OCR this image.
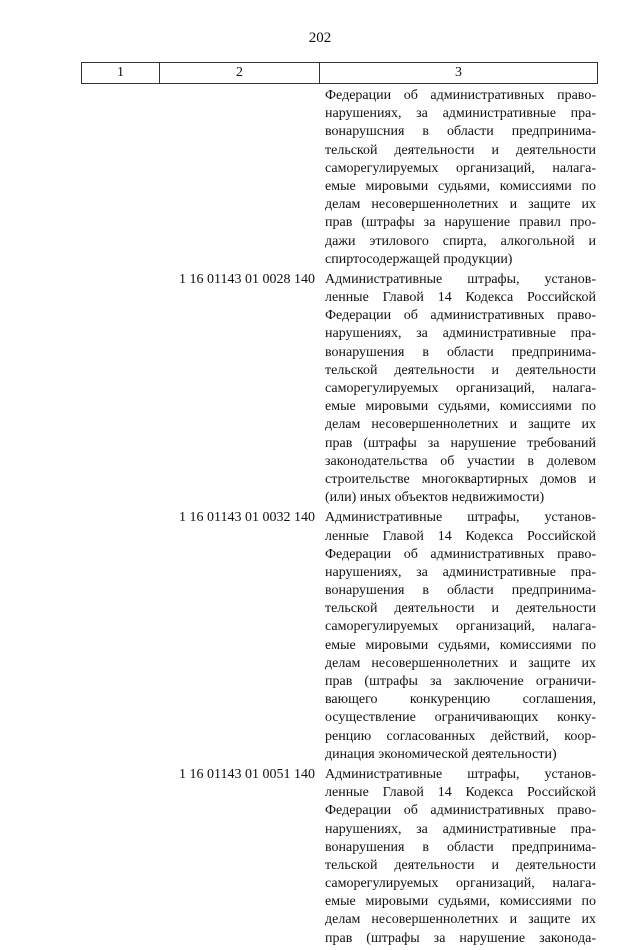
202
1	2	3
Федерации об административных право-
нарушениях, за административные пра-
вонарушсния в области предпринима-
тельской деятельности и деятельности
саморегулируемых организаций, налага-
емые мировыми судьями, комиссиями по
делам несовершеннолетних и защите их
прав (штрафы за нарушение правил про-
дажи этилового спирта, алкогольной и
спиртосодержащей продукции)
1 16 01143 01 0028 140 Административные штрафы, установ-
ленные Главой 14 Кодекса Российской
Федерации об административных право-
нарушениях, за административные пра-
вонарушения в области предпринима-
тельской деятельности и деятельности
саморегулируемых организаций, налага-
емые мировыми судьями, комиссиями по
делам несовершеннолетних и защите их
прав (штрафы за нарушение требований
законодательства об участии в долевом
строительстве многоквартирных домов и
(или) иных объектов недвижимости)
1 16 01143 01 0032 140 Административные штрафы, установ-
ленные Главой 14 Кодекса Российской
Федерации об административных право-
нарушениях, за административные пра-
вонарушения в области предпринима-
тельской деятельности и деятельности
саморегулируемых организаций, налага-
емые мировыми судьями, комиссиями по
делам несовершеннолетних и защите их
прав (штрафы за заключение ограничи-
вающего конкуренцию соглашения,
осуществление ограничивающих конку-
ренцию согласованных действий, коор-
динация экономической деятельности)
1 16 01143 01 0051 140 Административные штрафы, установ-
ленные Главой 14 Кодекса Российской
Федерации об административных право-
нарушениях, за административные пра-
вонарушения в области предпринима-
тельской деятельности и деятельности
саморегулируемых организаций, налага-
емые мировыми судьями, комиссиями по
делам несовершеннолетних и защите их
прав (штрафы за нарушение законода-
